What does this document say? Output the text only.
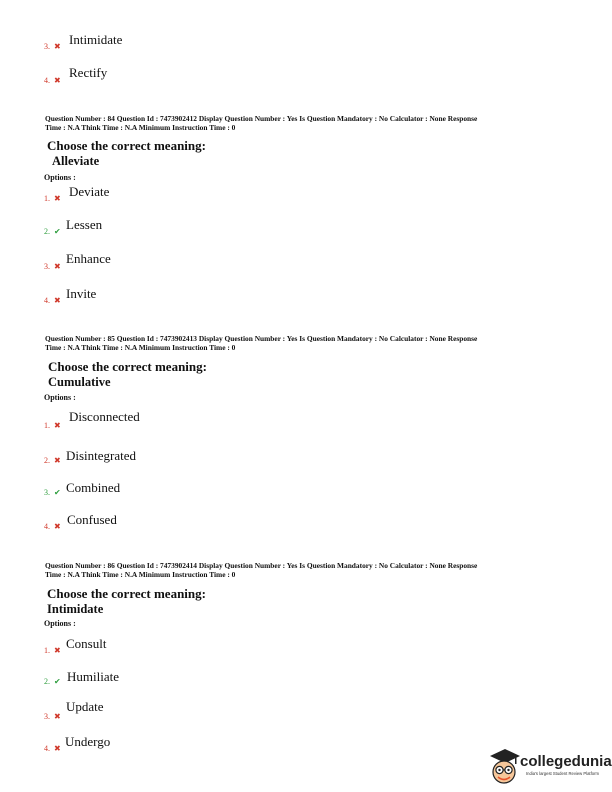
3. ✖ Intimidate
4. ✖
Rectify
Question Number : 84 Question Id : 7473902412 Display Question Number : Yes Is Question Mandatory : No Calculator : None Response
Time : N.A Think Time : N.A Minimum Instruction Time : 0
Choose the correct meaning:
Alleviate
Options :
1. ✖ Deviate
2. ✔ Lessen
3. ✖
Enhance
4. ✖ Invite
Question Number : 85 Question Id : 7473902413 Display Question Number : Yes Is Question Mandatory : No Calculator : None Response
Time : N.A Think Time : N.A Minimum Instruction Time : 0
Choose the correct meaning:
Cumulative
Options :
1. ✖
Disconnected
2. ✖ Disintegrated
3. ✔ Combined
4. ✖ Confused
Question Number : 86 Question Id : 7473902414 Display Question Number : Yes Is Question Mandatory : No Calculator : None Response
Time : N.A Think Time : N.A Minimum Instruction Time : 0
Choose the correct meaning:
Intimidate
Options :
1. ✖ Consult
2. ✔ Humiliate
3. ✖
Update
4. ✖ Undergo
collegedunia
India's largest Student Review Platform
